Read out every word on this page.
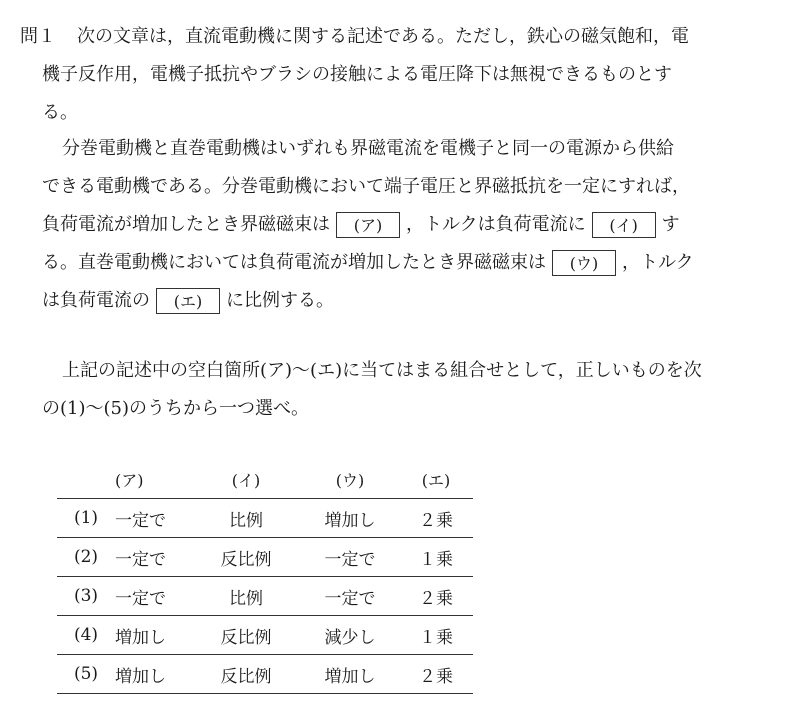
問１ 次の文章は，直流電動機に関する記述である。ただし，鉄心の磁気飽和，電
機子反作用，電機子抵抗やブラシの接触による電圧降下は無視できるものとす
る。
分巻電動機と直巻電動機はいずれも界磁電流を電機子と同一の電源から供給
できる電動機である。分巻電動機において端子電圧と界磁抵抗を一定にすれば，
負荷電流が増加したとき界磁磁束は (ア) ，トルクは負荷電流に (イ) す
る。直巻電動機においては負荷電流が増加したとき界磁磁束は (ウ) ，トルク
は負荷電流の (エ) に比例する。
上記の記述中の空白箇所(ア)～(エ)に当てはまる組合せとして，正しいものを次
の(1)～(5)のうちから一つ選べ。
	(ア)	(イ)	(ウ)	(エ)
(1)	一定で	比例	増加し	２乗
(2)	一定で	反比例	一定で	１乗
(3)	一定で	比例	一定で	２乗
(4)	増加し	反比例	減少し	１乗
(5)	増加し	反比例	増加し	２乗
